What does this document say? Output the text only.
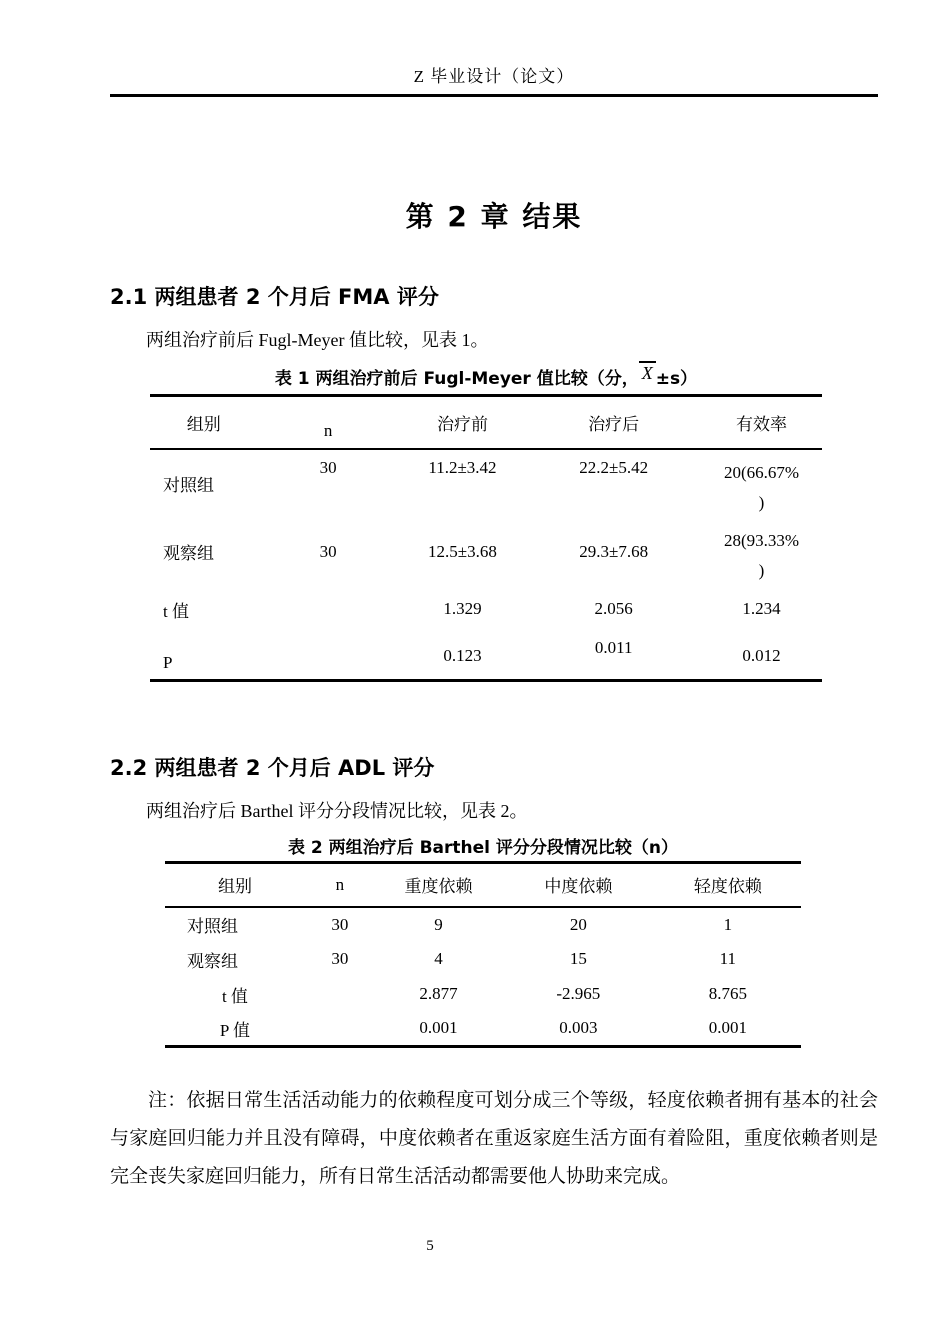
Z 毕业设计（论文）
第 2 章 结果
2.1 两组患者 2 个月后 FMA 评分

两组治疗前后 Fugl-Meyer 值比较，见表 1。

表 1 两组治疗前后 Fugl-Meyer 值比较（分， X ±s）
组别	n	治疗前	治疗后	有效率
对照组	30	11.2±3.42	22.2±5.42	20(66.67%
)

观察组	30	12.5±3.68	29.3±7.68	28(93.33%
)

t 值		1.329	2.056	1.234
P		0.123	0.011	0.012
2.2 两组患者 2 个月后 ADL 评分

两组治疗后 Barthel 评分分段情况比较，见表 2。

表 2 两组治疗后 Barthel 评分分段情况比较（n）
组别	n	重度依赖	中度依赖	轻度依赖
对照组	30	9	20	1
观察组	30	4	15	11
t 值		2.877	-2.965	8.765
P 值		0.001	0.003	0.001

注：依据日常生活活动能力的依赖程度可划分成三个等级，轻度依赖者拥有基本的社会与家庭回归能力并且没有障碍，中度依赖者在重返家庭生活方面有着险阻，重度依赖者则是完全丧失家庭回归能力，所有日常生活活动都需要他人协助来完成。

5
